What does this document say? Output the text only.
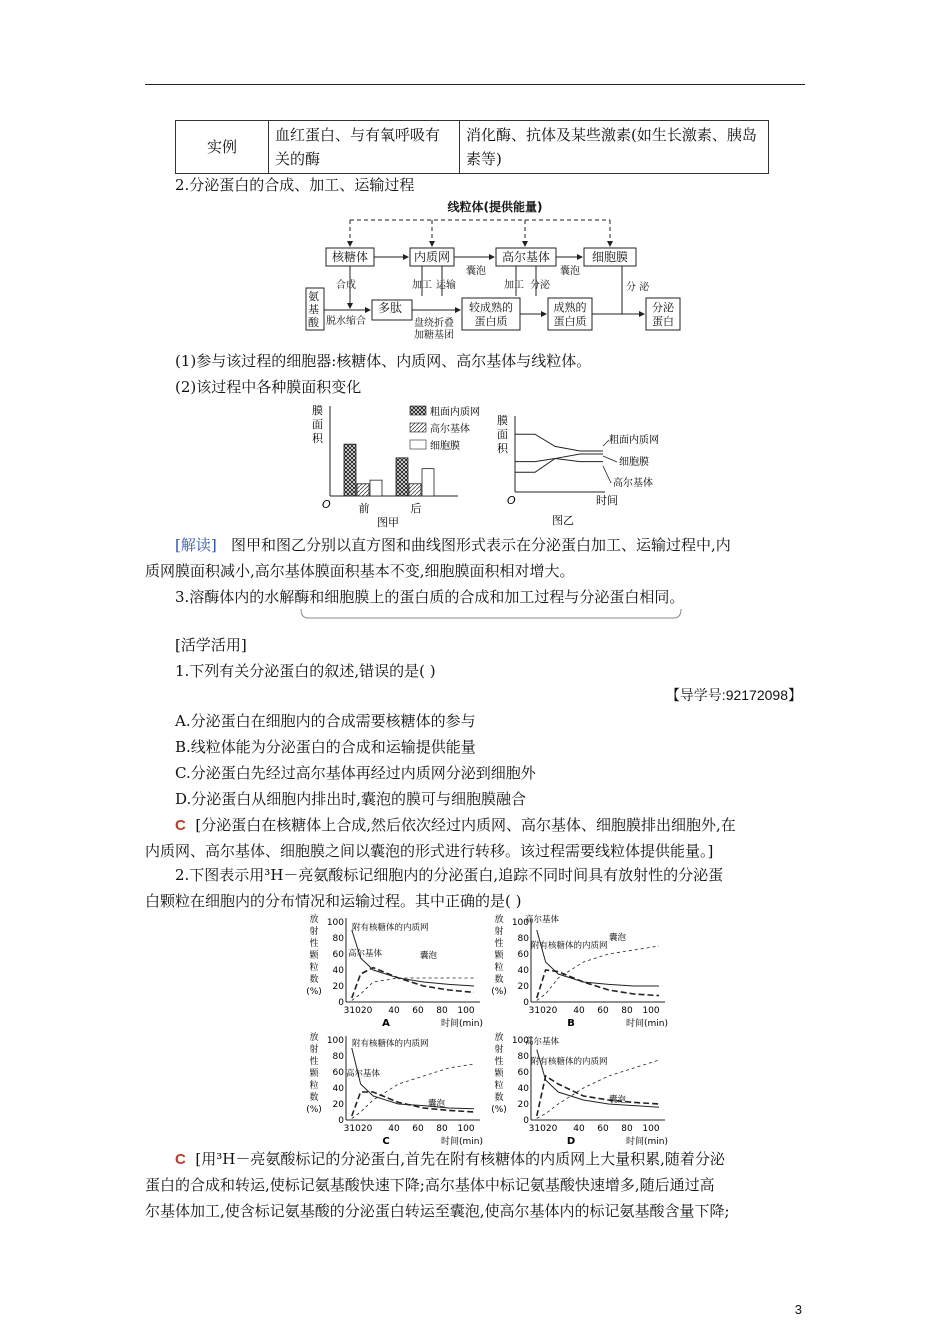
实例	血红蛋白、与有氧呼吸有关的酶	消化酶、抗体及某些激素(如生长激素、胰岛素等)
2.分泌蛋白的合成、加工、运输过程
线粒体(提供能量)
核糖体	内质网	高尔基体	细胞膜
多肽
囊泡	囊泡
合成
脱水缩合
加工 运输	加工 分泌	分 泌
盘绕折叠
加糖基团
氨
基
酸
较成熟的
蛋白质
成熟的
蛋白质
分泌
蛋白
(1)参与该过程的细胞器:核糖体、内质网、高尔基体与线粒体。
(2)该过程中各种膜面积变化
膜
面
积
O	前	后
图甲
粗面内质网
高尔基体
细胞膜
膜
面
积
O	时间
粗面内质网
细胞膜
高尔基体
图乙
[解读] 图甲和图乙分别以直方图和曲线图形式表示在分泌蛋白加工、运输过程中,内
质网膜面积减小,高尔基体膜面积基本不变,细胞膜面积相对增大。
3.溶酶体内的水解酶和细胞膜上的蛋白质的合成和加工过程与分泌蛋白相同。
[活学活用]
1.下列有关分泌蛋白的叙述,错误的是( )
【导学号:92172098】
A.分泌蛋白在细胞内的合成需要核糖体的参与
B.线粒体能为分泌蛋白的合成和运输提供能量
C.分泌蛋白先经过高尔基体再经过内质网分泌到细胞外
D.分泌蛋白从细胞内排出时,囊泡的膜可与细胞膜融合
C [分泌蛋白在核糖体上合成,然后依次经过内质网、高尔基体、细胞膜排出细胞外,在
内质网、高尔基体、细胞膜之间以囊泡的形式进行转移。该过程需要线粒体提供能量。]
2.下图表示用³H－亮氨酸标记细胞内的分泌蛋白,追踪不同时间具有放射性的分泌蛋
白颗粒在细胞内的分布情况和运输过程。其中正确的是( )
放
射
性
颗
粒
数
(%)
100
80
60
40
20
0
31020 40 60 80 100
时间(min)
A
附有核糖体的内质网
高尔基体	囊泡
放
射
性
颗
粒
数
(%)
100
80
60
40
20
0
31020 40 60 80 100
时间(min)
B
高尔基体
附有核糖体的内质网
囊泡
放
射
性
颗
粒
数
(%)
100
80
60
40
20
0
31020 40 60 80 100
时间(min)
C
附有核糖体的内质网
高尔基体
囊泡
放
射
性
颗
粒
数
(%)
100
80
60
40
20
0
31020 40 60 80 100
时间(min)
D
高尔基体
附有核糖体的内质网
囊泡
C [用³H－亮氨酸标记的分泌蛋白,首先在附有核糖体的内质网上大量积累,随着分泌
蛋白的合成和转运,使标记氨基酸快速下降;高尔基体中标记氨基酸快速增多,随后通过高
尔基体加工,使含标记氨基酸的分泌蛋白转运至囊泡,使高尔基体内的标记氨基酸含量下降;
3
